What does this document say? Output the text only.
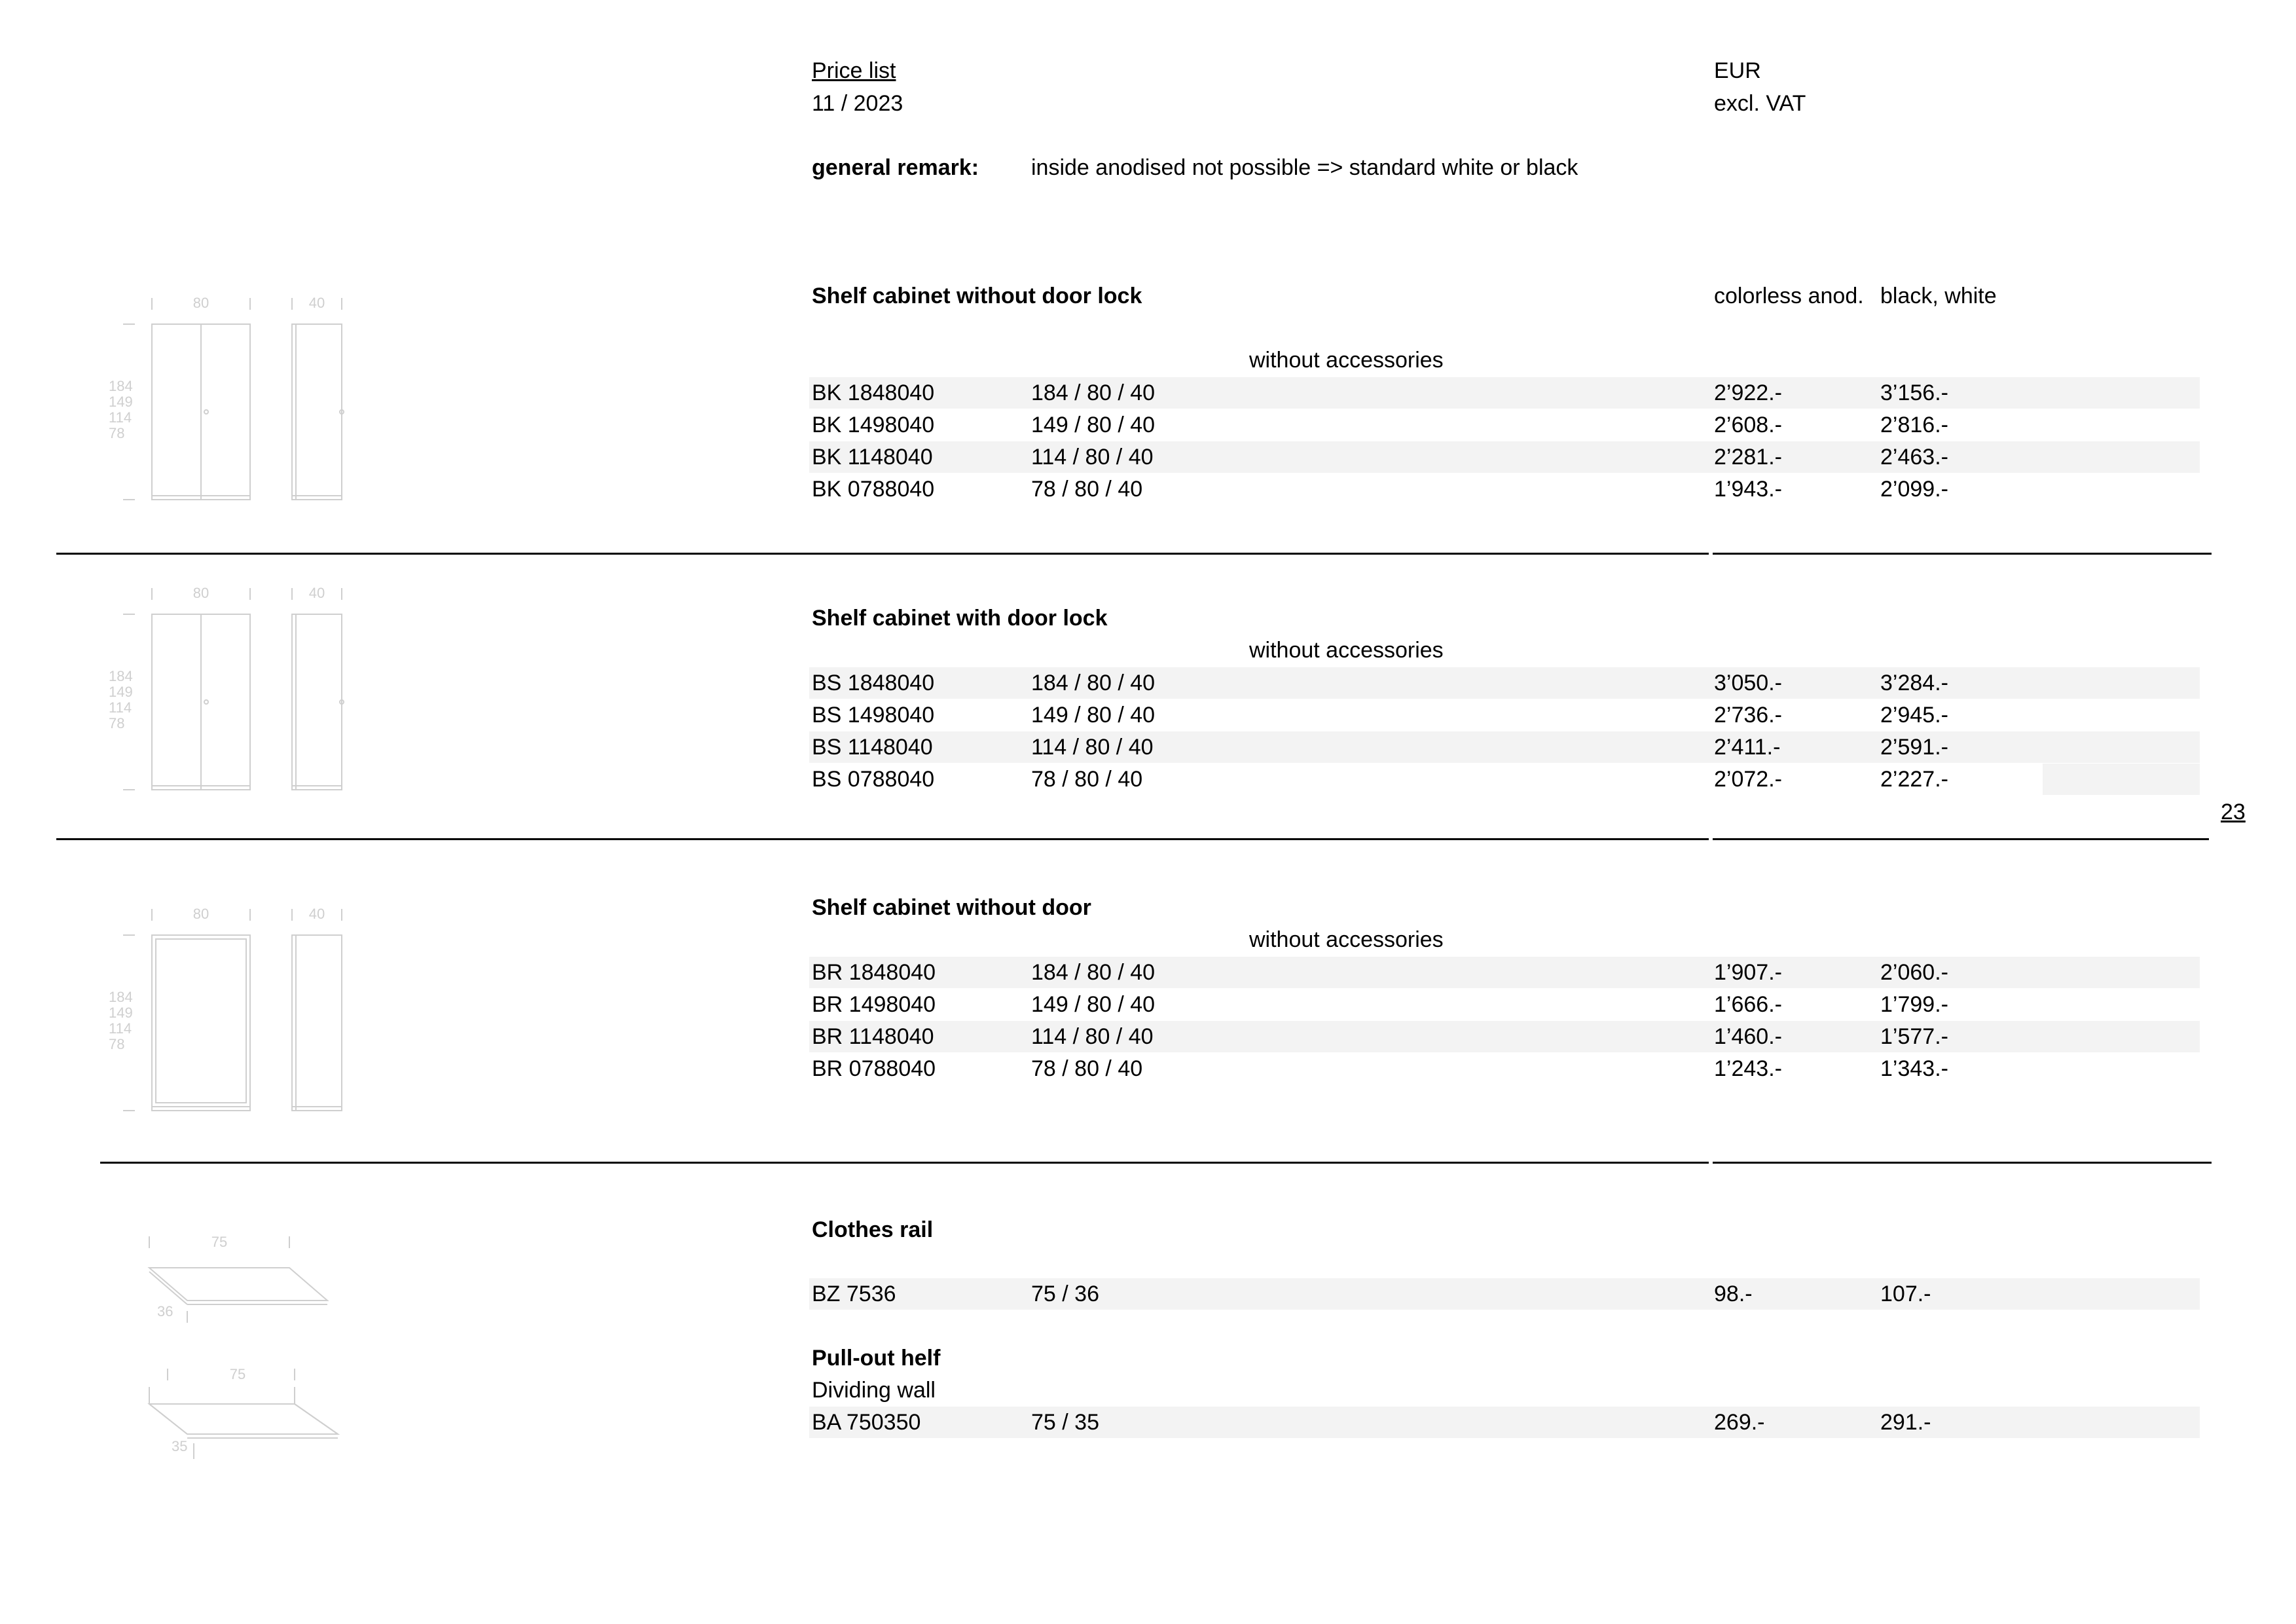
Price list
11 / 2023
EUR
excl. VAT
general remark: inside anodised not possible => standard white or black
Shelf cabinet without door lock	colorless anod. black, white
without accessories
BK 1848040	184 / 80 / 40	2’922.-	3’156.-
BK 1498040	149 / 80 / 40	2’608.-	2’816.-
BK 1148040	114 / 80 / 40	2’281.-	2’463.-
BK 0788040	78 / 80 / 40	1’943.-	2’099.-
Shelf cabinet with door lock
without accessories
BS 1848040	184 / 80 / 40	3’050.-	3’284.-
BS 1498040	149 / 80 / 40	2’736.-	2’945.-
BS 1148040	114 / 80 / 40	2’411.-	2’591.-
BS 0788040	78 / 80 / 40	2’072.-	2’227.-
23
Shelf cabinet without door
without accessories
BR 1848040	184 / 80 / 40	1’907.-	2’060.-
BR 1498040	149 / 80 / 40	1’666.-	1’799.-
BR 1148040	114 / 80 / 40	1’460.-	1’577.-
BR 0788040	78 / 80 / 40	1’243.-	1’343.-
Clothes rail
BZ 7536	75 / 36	98.-	107.-
Pull-out helf
Dividing wall
BA 750350	75 / 35	269.-	291.-
80	40
184
149
114
78
80	40
184
149
114
78
80	40
184
149
114
78
75
36
75
35
